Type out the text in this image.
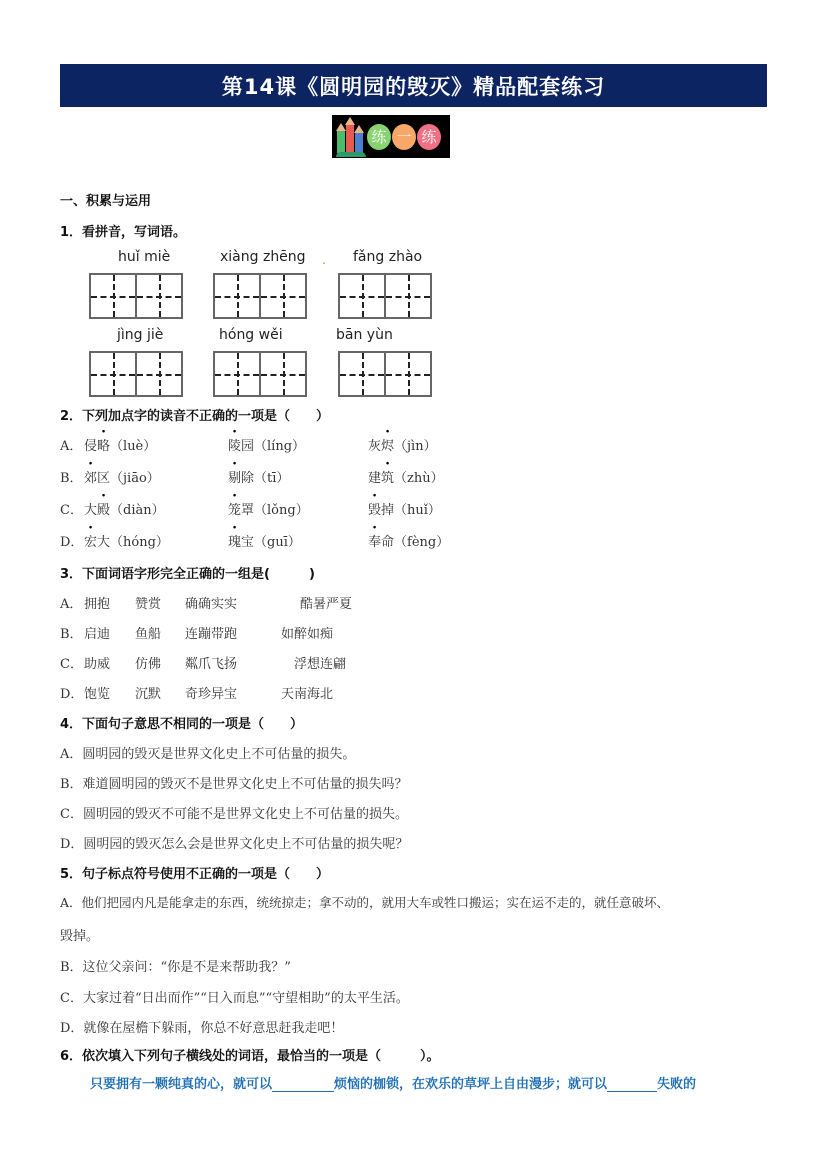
第14课《圆明园的毁灭》精品配套练习
练 一 练
一、积累与运用
1．看拼音，写词语。
huǐ miè	xiàng zhēng . fǎng zhào
jìng jiè	hóng wěi	bān yùn
2．下列加点字的读音不正确的一项是（　　）
A． 侵略（luè）	陵园（líng）	灰烬（jìn）
B． 郊区（jiāo）	剔除（tī）	建筑（zhù）
C． 大殿（diàn）	笼罩（lǒng）	毁掉（huǐ）
D． 宏大（hóng）	瑰宝（guī）	奉命（fèng）
3．下面词语字形完全正确的一组是(　　　)
A． 拥抱 赞赏 确确实实	酷暑严夏
B． 启迪 鱼船 连蹦带跑	如醉如痴
C． 助威 仿佛 粼爪飞扬	浮想连翩
D． 饱览 沉默 奇珍异宝	天南海北
4．下面句子意思不相同的一项是（　　）
A．圆明园的毁灭是世界文化史上不可估量的损失。
B．难道圆明园的毁灭不是世界文化史上不可估量的损失吗？
C．圆明园的毁灭不可能不是世界文化史上不可估量的损失。
D．圆明园的毁灭怎么会是世界文化史上不可估量的损失呢？
5．句子标点符号使用不正确的一项是（　　）
A．他们把园内凡是能拿走的东西，统统掠走；拿不动的，就用大车或牲口搬运；实在运不走的，就任意破坏、
毁掉。
B．这位父亲问：“你是不是来帮助我？”
C．大家过着“日出而作”“日入而息”“守望相助”的太平生活。
D．就像在屋檐下躲雨，你总不好意思赶我走吧！
6．依次填入下列句子横线处的词语，最恰当的一项是（　　　）。
只要拥有一颗纯真的心，就可以	烦恼的枷锁，在欢乐的草坪上自由漫步；就可以	失败的
